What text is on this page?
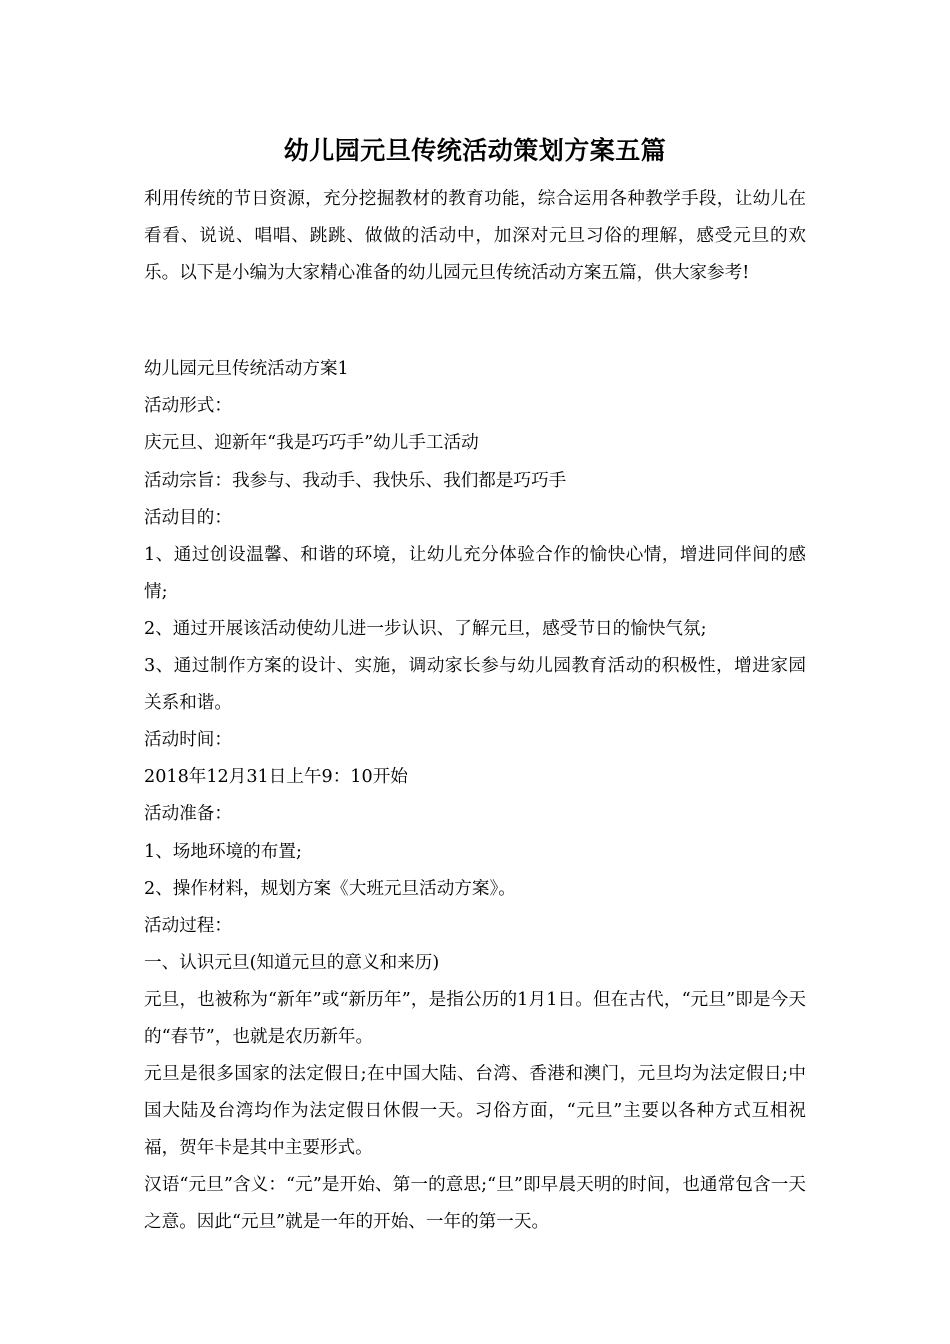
幼儿园元旦传统活动策划方案五篇

利用传统的节日资源，充分挖掘教材的教育功能，综合运用各种教学手段，让幼儿在看看、说说、唱唱、跳跳、做做的活动中，加深对元旦习俗的理解，感受元旦的欢乐。以下是小编为大家精心准备的幼儿园元旦传统活动方案五篇，供大家参考!

幼儿园元旦传统活动方案1

活动形式：

庆元旦、迎新年“我是巧巧手”幼儿手工活动

活动宗旨：我参与、我动手、我快乐、我们都是巧巧手

活动目的：

1、通过创设温馨、和谐的环境，让幼儿充分体验合作的愉快心情，增进同伴间的感情;

2、通过开展该活动使幼儿进一步认识、了解元旦，感受节日的愉快气氛;

3、通过制作方案的设计、实施，调动家长参与幼儿园教育活动的积极性，增进家园关系和谐。

活动时间：

2018年12月31日上午9：10开始

活动准备：

1、场地环境的布置;

2、操作材料，规划方案《大班元旦活动方案》。

活动过程：

一、认识元旦(知道元旦的意义和来历)

元旦，也被称为“新年”或“新历年”，是指公历的1月1日。但在古代，“元旦”即是今天的“春节”，也就是农历新年。

元旦是很多国家的法定假日;在中国大陆、台湾、香港和澳门，元旦均为法定假日;中国大陆及台湾均作为法定假日休假一天。习俗方面，“元旦”主要以各种方式互相祝福，贺年卡是其中主要形式。

汉语“元旦”含义：“元”是开始、第一的意思;“旦”即早晨天明的时间，也通常包含一天之意。因此“元旦”就是一年的开始、一年的第一天。
